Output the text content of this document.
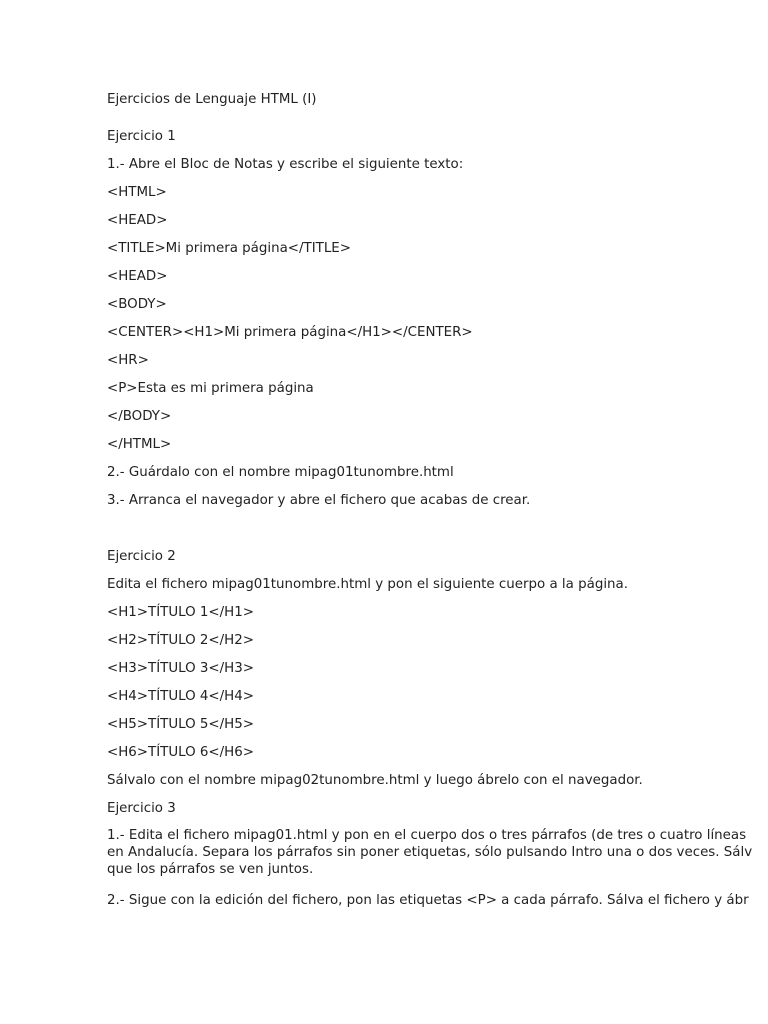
Ejercicios de Lenguaje HTML (I)

Ejercicio 1

1.- Abre el Bloc de Notas y escribe el siguiente texto:

<HTML>

<HEAD>

<TITLE>Mi primera página</TITLE>

<HEAD>

<BODY>

<CENTER><H1>Mi primera página</H1></CENTER>

<HR>

<P>Esta es mi primera página

</BODY>

</HTML>

2.- Guárdalo con el nombre mipag01tunombre.html

3.- Arranca el navegador y abre el fichero que acabas de crear.

Ejercicio 2

Edita el fichero mipag01tunombre.html y pon el siguiente cuerpo a la página.

<H1>TÍTULO 1</H1>

<H2>TÍTULO 2</H2>

<H3>TÍTULO 3</H3>

<H4>TÍTULO 4</H4>

<H5>TÍTULO 5</H5>

<H6>TÍTULO 6</H6>

Sálvalo con el nombre mipag02tunombre.html y luego ábrelo con el navegador.

Ejercicio 3

1.- Edita el fichero mipag01.html y pon en el cuerpo dos o tres párrafos (de tres o cuatro líneas
en Andalucía. Separa los párrafos sin poner etiquetas, sólo pulsando Intro una o dos veces. Sálv
que los párrafos se ven juntos.

2.- Sigue con la edición del fichero, pon las etiquetas <P> a cada párrafo. Sálva el fichero y ábr
